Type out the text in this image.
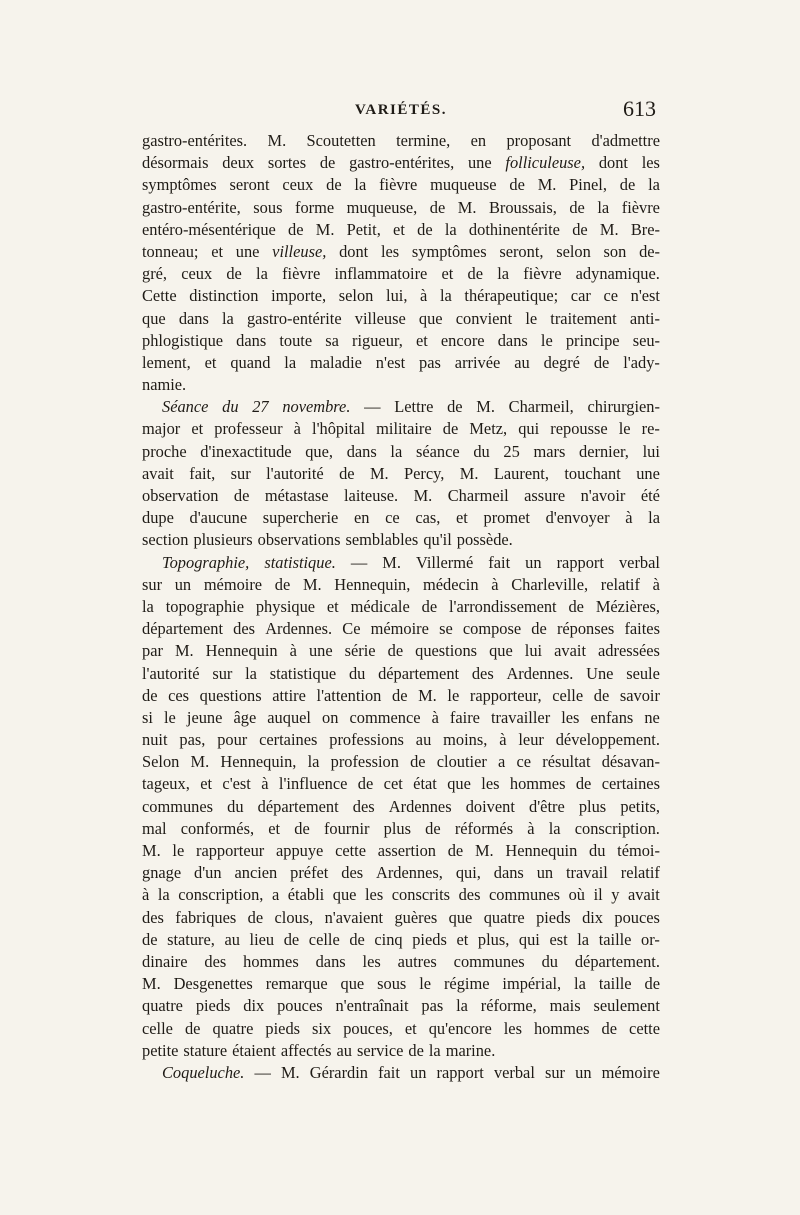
VARIÉTÉS.	613
gastro-entérites. M. Scoutetten termine, en proposant d'admettre
désormais deux sortes de gastro-entérites, une folliculeuse, dont les
symptômes seront ceux de la fièvre muqueuse de M. Pinel, de la
gastro-entérite, sous forme muqueuse, de M. Broussais, de la fièvre
entéro-mésentérique de M. Petit, et de la dothinentérite de M. Bre-
tonneau; et une villeuse, dont les symptômes seront, selon son de-
gré, ceux de la fièvre inflammatoire et de la fièvre adynamique.
Cette distinction importe, selon lui, à la thérapeutique; car ce n'est
que dans la gastro-entérite villeuse que convient le traitement anti-
phlogistique dans toute sa rigueur, et encore dans le principe seu-
lement, et quand la maladie n'est pas arrivée au degré de l'ady-
namie.
Séance du 27 novembre. — Lettre de M. Charmeil, chirurgien-
major et professeur à l'hôpital militaire de Metz, qui repousse le re-
proche d'inexactitude que, dans la séance du 25 mars dernier, lui
avait fait, sur l'autorité de M. Percy, M. Laurent, touchant une
observation de métastase laiteuse. M. Charmeil assure n'avoir été
dupe d'aucune supercherie en ce cas, et promet d'envoyer à la
section plusieurs observations semblables qu'il possède.
Topographie, statistique. — M. Villermé fait un rapport verbal
sur un mémoire de M. Hennequin, médecin à Charleville, relatif à
la topographie physique et médicale de l'arrondissement de Mézières,
département des Ardennes. Ce mémoire se compose de réponses faites
par M. Hennequin à une série de questions que lui avait adressées
l'autorité sur la statistique du département des Ardennes. Une seule
de ces questions attire l'attention de M. le rapporteur, celle de savoir
si le jeune âge auquel on commence à faire travailler les enfans ne
nuit pas, pour certaines professions au moins, à leur développement.
Selon M. Hennequin, la profession de cloutier a ce résultat désavan-
tageux, et c'est à l'influence de cet état que les hommes de certaines
communes du département des Ardennes doivent d'être plus petits,
mal conformés, et de fournir plus de réformés à la conscription.
M. le rapporteur appuye cette assertion de M. Hennequin du témoi-
gnage d'un ancien préfet des Ardennes, qui, dans un travail relatif
à la conscription, a établi que les conscrits des communes où il y avait
des fabriques de clous, n'avaient guères que quatre pieds dix pouces
de stature, au lieu de celle de cinq pieds et plus, qui est la taille or-
dinaire des hommes dans les autres communes du département.
M. Desgenettes remarque que sous le régime impérial, la taille de
quatre pieds dix pouces n'entraînait pas la réforme, mais seulement
celle de quatre pieds six pouces, et qu'encore les hommes de cette
petite stature étaient affectés au service de la marine.
Coqueluche. — M. Gérardin fait un rapport verbal sur un mémoire
